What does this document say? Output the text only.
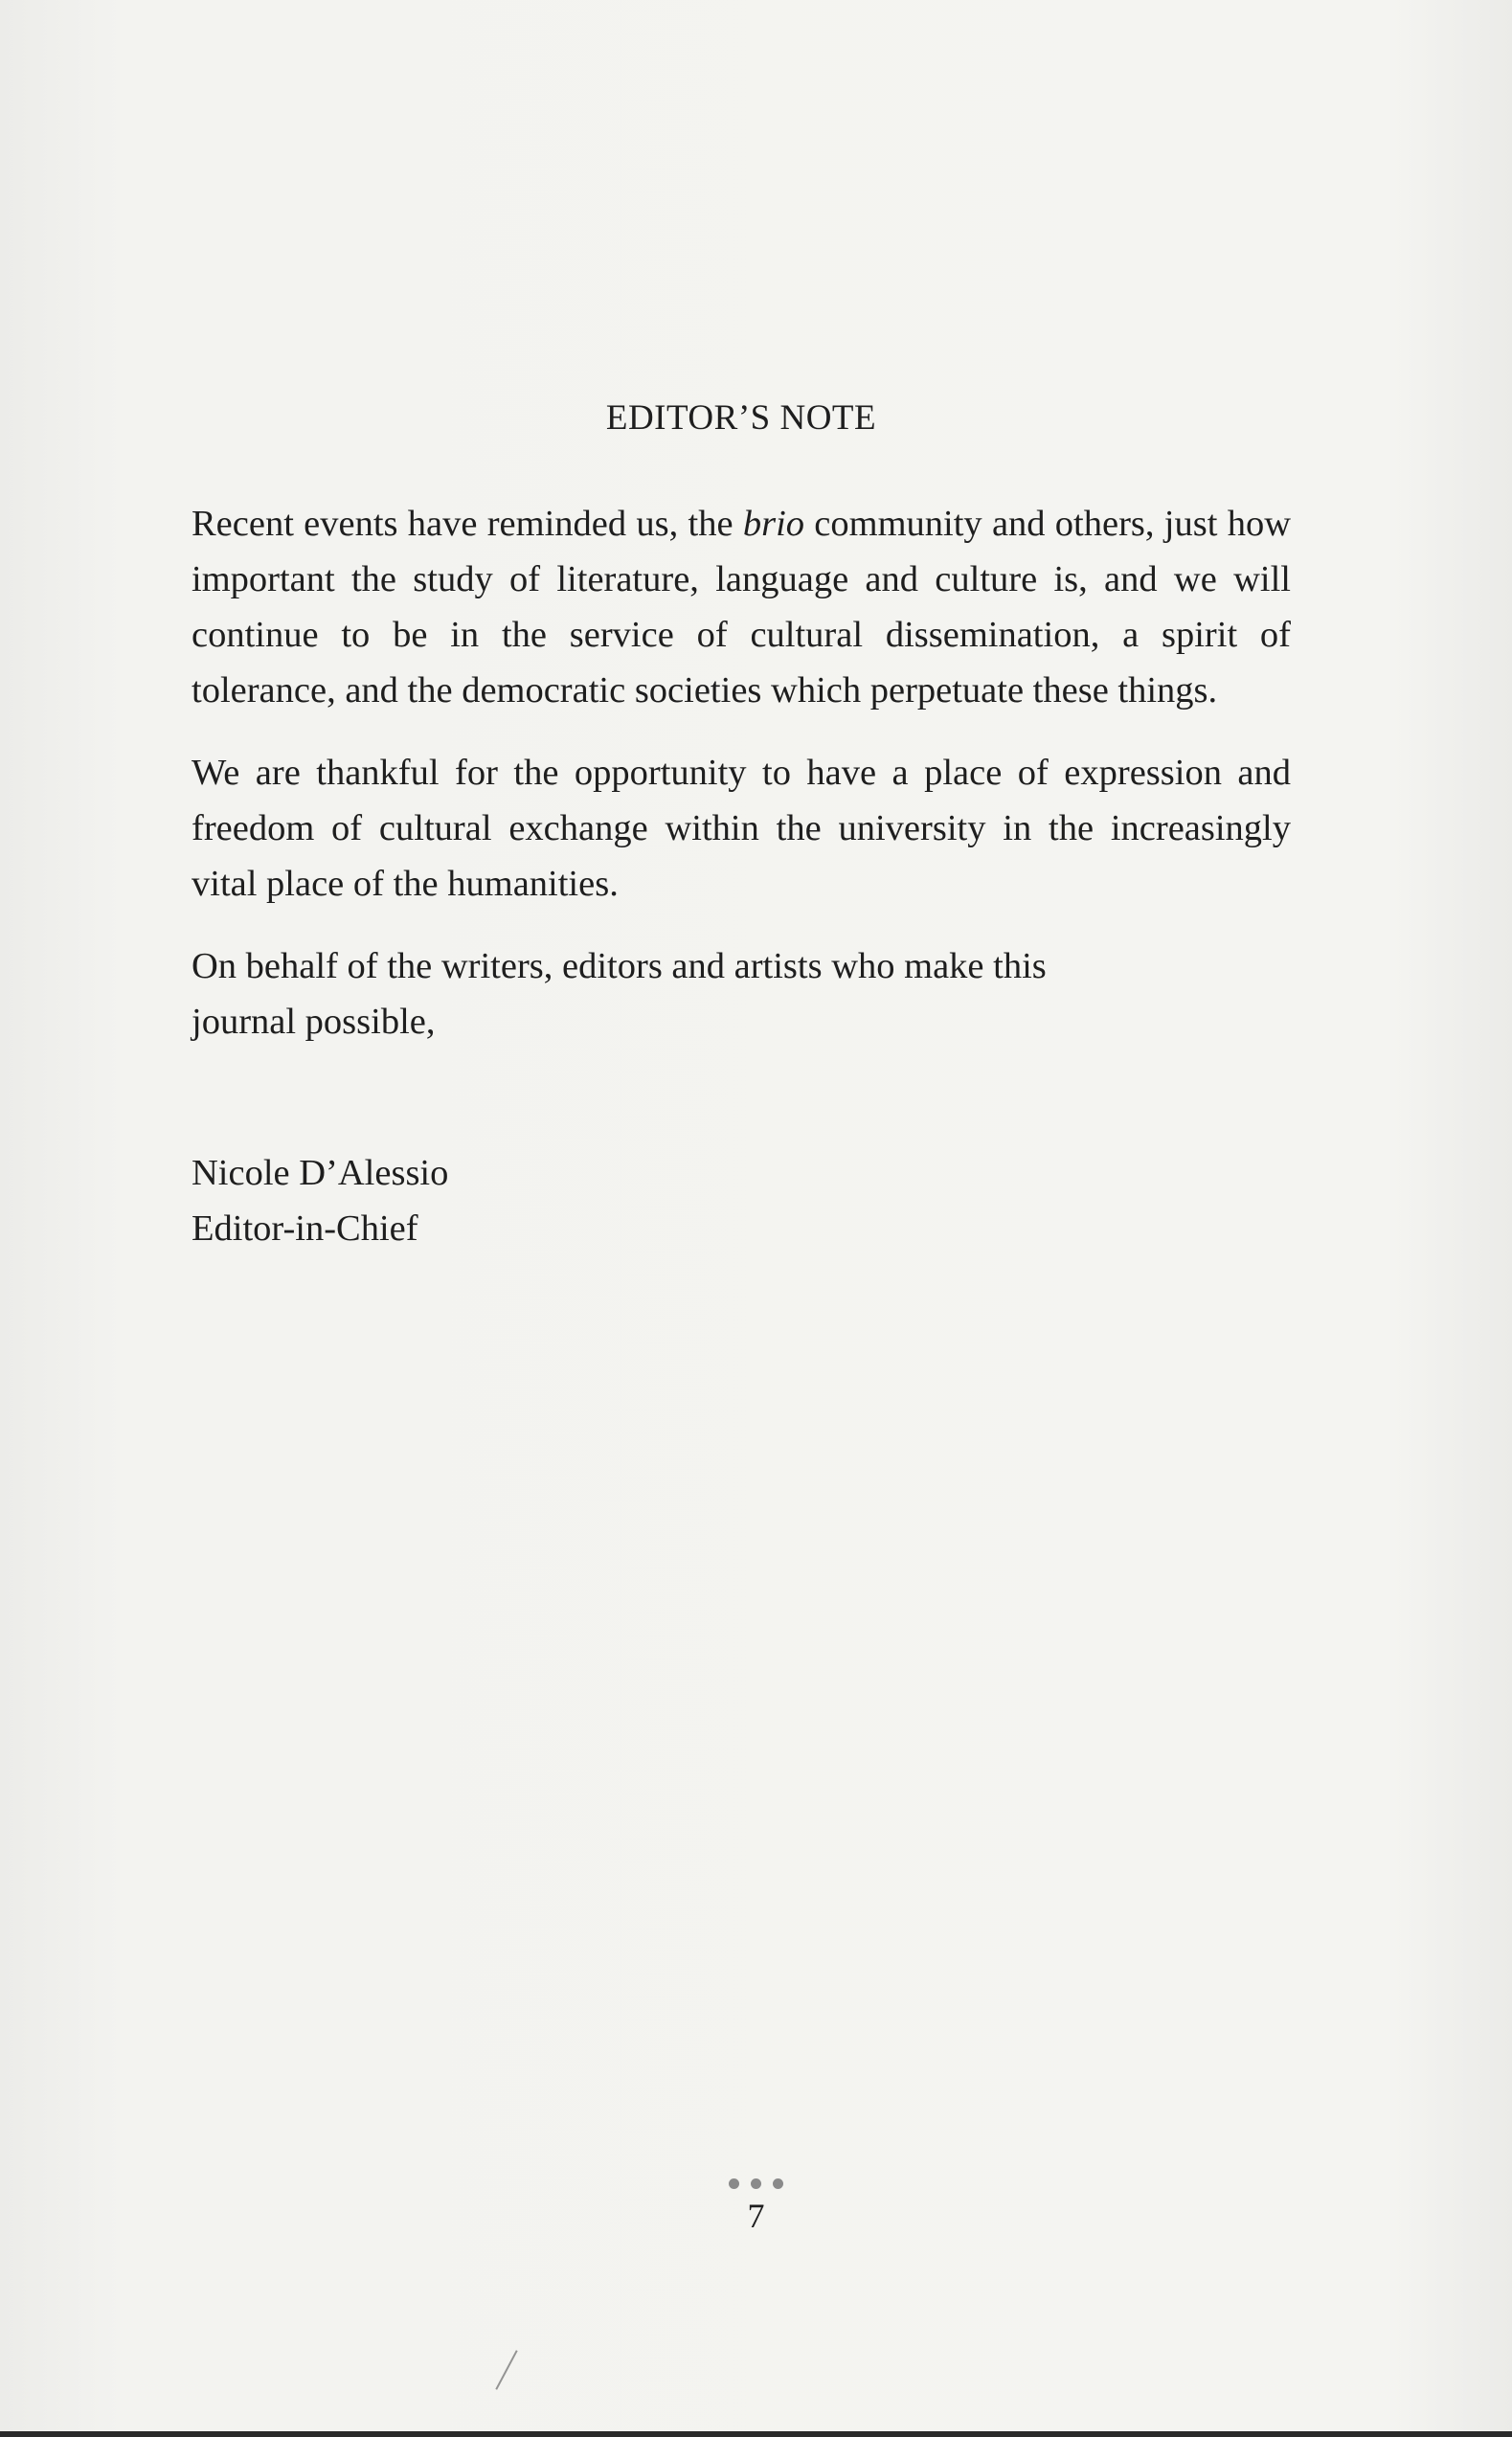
EDITOR’S NOTE

Recent events have reminded us, the brio community and others, just how important the study of literature, language and culture is, and we will continue to be in the service of cultural dissemination, a spirit of tolerance, and the democratic societies which perpetuate these things.

We are thankful for the opportunity to have a place of expression and freedom of cultural exchange within the university in the increasingly vital place of the humanities.

On behalf of the writers, editors and artists who make this
journal possible,

Nicole D’Alessio
Editor-in-Chief
7
